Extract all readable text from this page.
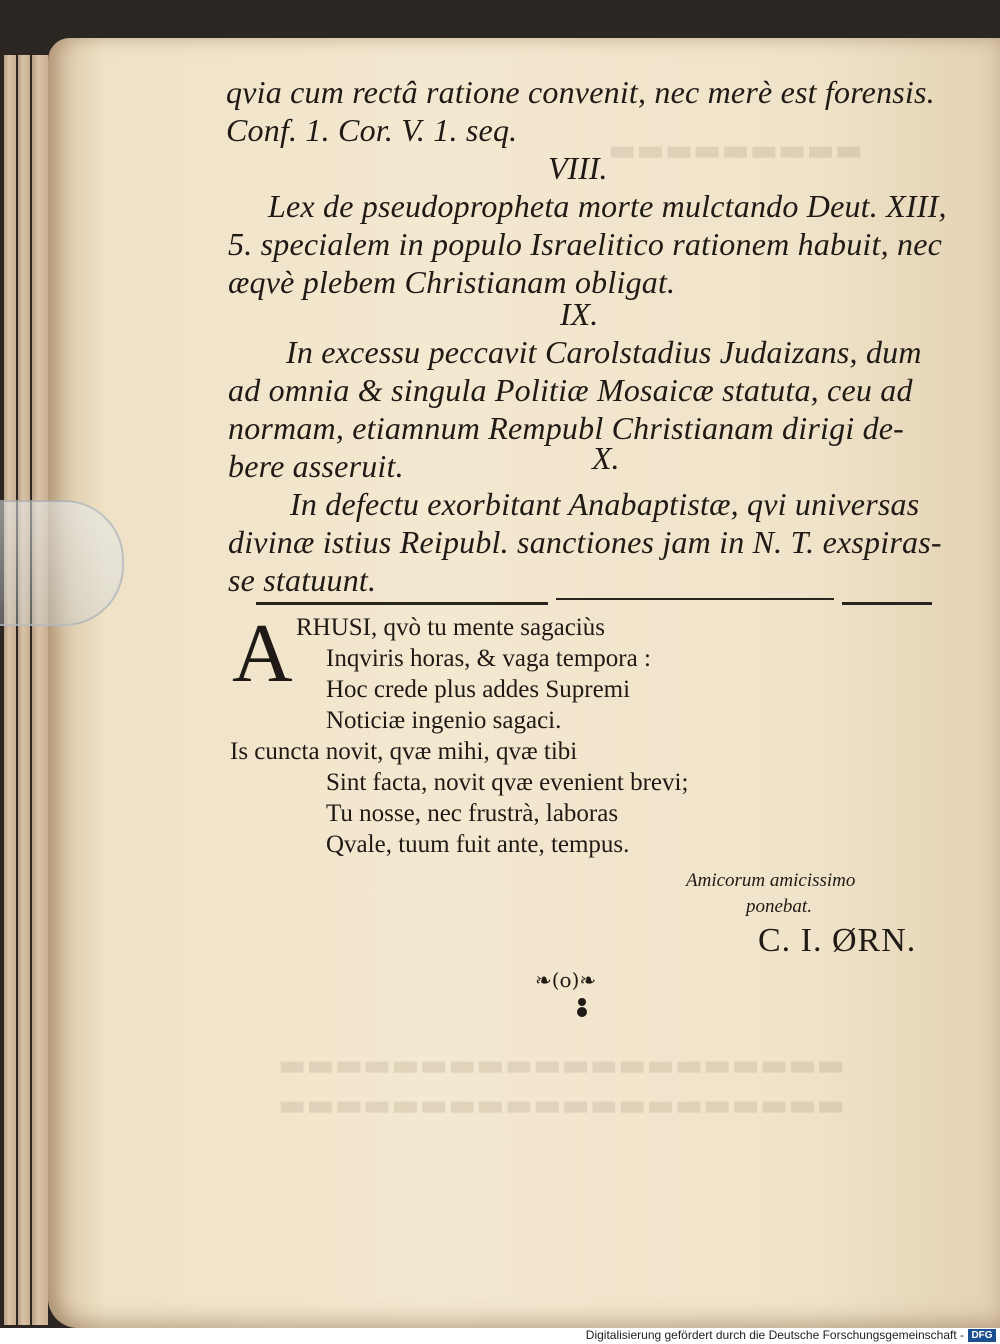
▬▬▬▬▬▬▬▬▬
▬▬▬▬▬▬▬▬▬▬▬▬▬▬▬▬▬▬▬▬
▬▬▬▬▬▬▬▬▬▬▬▬▬▬▬▬▬▬▬▬
qvia cum rectâ ratione convenit, nec merè est forensis.
Conf. 1. Cor. V. 1. seq.
VIII.
Lex de pseudopropheta morte mulctando Deut. XIII,
5. specialem in populo Israelitico rationem habuit, nec
æqvè plebem Christianam obligat.
IX.
In excessu peccavit Carolstadius Judaizans, dum
ad omnia & singula Politiæ Mosaicæ statuta, ceu ad
normam, etiamnum Rempubl Christianam dirigi de-
bere asseruit.	X.
In defectu exorbitant Anabaptistæ, qvi universas
divinæ istius Reipubl. sanctiones jam in N. T. exspiras-
se statuunt.
A RHUSI, qvò tu mente sagaciùs
Inqviris horas, & vaga tempora :
Hoc crede plus addes Supremi
Noticiæ ingenio sagaci.
Is cuncta novit, qvæ mihi, qvæ tibi
Sint facta, novit qvæ evenient brevi;
Tu nosse, nec frustrà, laboras
Qvale, tuum fuit ante, tempus.
Amicorum amicissimo
ponebat.
C. I. ØRN.
❧(o)❧
Digitalisierung gefördert durch die Deutsche Forschungsgemeinschaft - DFG
